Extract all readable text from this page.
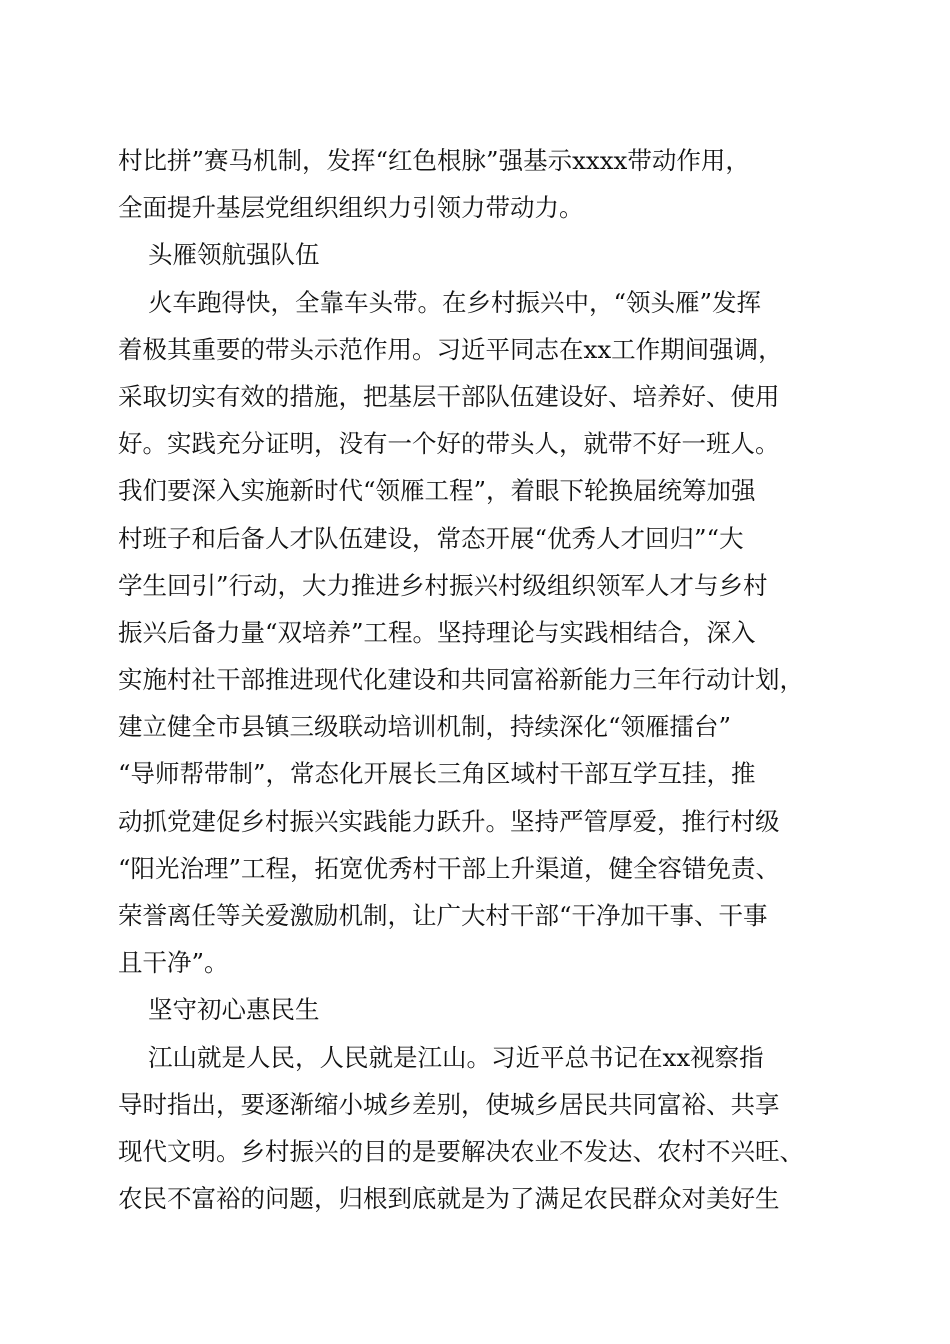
村比拼”赛马机制，发挥“红色根脉”强基示xxxx带动作用，
全面提升基层党组织组织力引领力带动力。
头雁领航强队伍
火车跑得快，全靠车头带。在乡村振兴中，“领头雁”发挥
着极其重要的带头示范作用。习近平同志在xx工作期间强调，
采取切实有效的措施，把基层干部队伍建设好、培养好、使用
好。实践充分证明，没有一个好的带头人，就带不好一班人。
我们要深入实施新时代“领雁工程”，着眼下轮换届统筹加强
村班子和后备人才队伍建设，常态开展“优秀人才回归”“大
学生回引”行动，大力推进乡村振兴村级组织领军人才与乡村
振兴后备力量“双培养”工程。坚持理论与实践相结合，深入
实施村社干部推进现代化建设和共同富裕新能力三年行动计划，
建立健全市县镇三级联动培训机制，持续深化“领雁擂台”
“导师帮带制”，常态化开展长三角区域村干部互学互挂，推
动抓党建促乡村振兴实践能力跃升。坚持严管厚爱，推行村级
“阳光治理”工程，拓宽优秀村干部上升渠道，健全容错免责、
荣誉离任等关爱激励机制，让广大村干部“干净加干事、干事
且干净”。
坚守初心惠民生
江山就是人民，人民就是江山。习近平总书记在xx视察指
导时指出，要逐渐缩小城乡差别，使城乡居民共同富裕、共享
现代文明。乡村振兴的目的是要解决农业不发达、农村不兴旺、
农民不富裕的问题，归根到底就是为了满足农民群众对美好生
